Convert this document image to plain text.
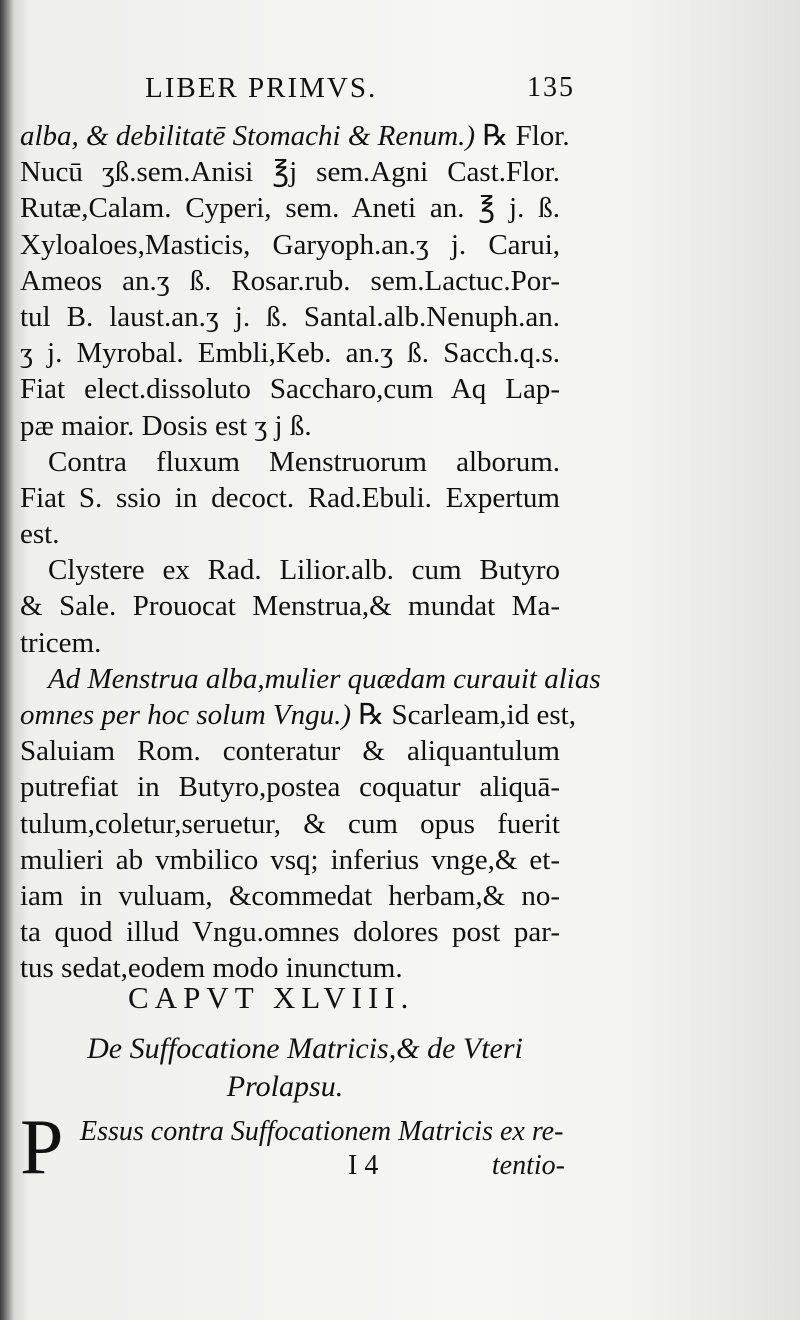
LIBER PRIMVS.	135
alba, & debilitatē Stomachi & Renum.) ℞ Flor.
Nucū ʒß.sem.Anisi ℥j sem.Agni Cast.Flor.
Rutæ,Calam. Cyperi, sem. Aneti an. ℥ j. ß.
Xyloaloes,Masticis, Garyoph.an.ʒ j. Carui,
Ameos an.ʒ ß. Rosar.rub. sem.Lactuc.Por-
tul B. laust.an.ʒ j. ß. Santal.alb.Nenuph.an.
ʒ j. Myrobal. Embli,Keb. an.ʒ ß. Sacch.q.s.
Fiat elect.dissoluto Saccharo,cum Aq Lap-
pæ maior. Dosis est ʒ j ß.
Contra fluxum Menstruorum alborum.
Fiat S. ssio in decoct. Rad.Ebuli. Expertum
est.
Clystere ex Rad. Lilior.alb. cum Butyro
& Sale. Prouocat Menstrua,& mundat Ma-
tricem.
Ad Menstrua alba,mulier quædam curauit alias
omnes per hoc solum Vngu.) ℞ Scarleam,id est,
Saluiam Rom. conteratur & aliquantulum
putrefiat in Butyro,postea coquatur aliquā-
tulum,coletur,seruetur, & cum opus fuerit
mulieri ab vmbilico vsq; inferius vnge,& et-
iam in vuluam, &commedat herbam,& no-
ta quod illud Vngu.omnes dolores post par-
tus sedat,eodem modo inunctum.
CAPVT XLVIII.
De Suffocatione Matricis,& de Vteri
Prolapsu.
P Essus contra Suffocationem Matricis ex re-
I 4	tentio-
